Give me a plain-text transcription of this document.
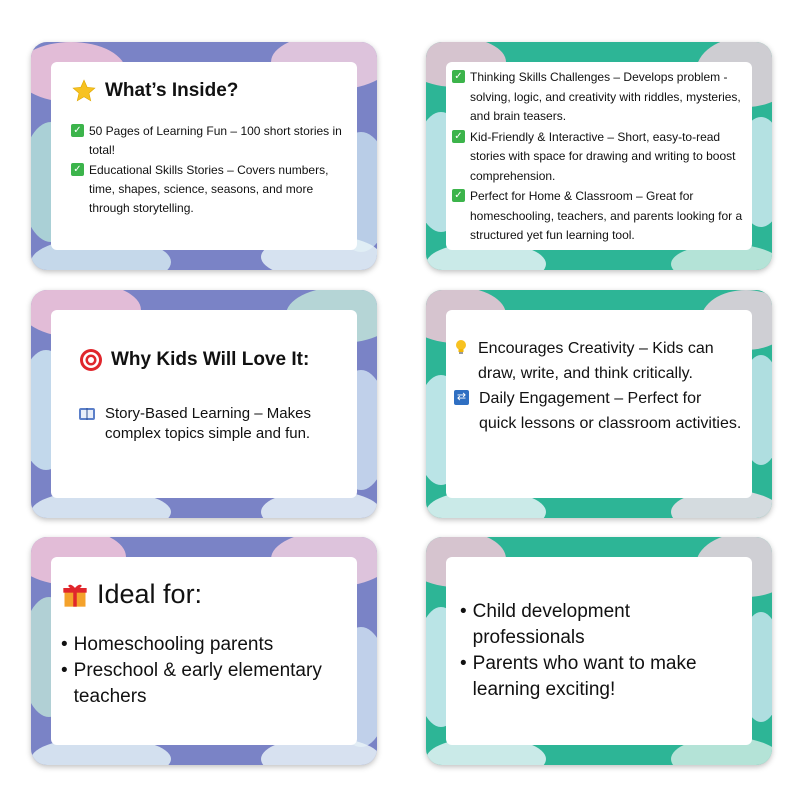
What’s Inside?
✓ 50 Pages of Learning Fun – 100 short stories in total!
✓ Educational Skills Stories – Covers numbers, time, shapes, science, seasons, and more through storytelling.
✓ Thinking Skills Challenges – Develops problem -solving, logic, and creativity with riddles, mysteries, and brain teasers.
✓ Kid-Friendly & Interactive – Short, easy-to-read stories with space for drawing and writing to boost comprehension.
✓ Perfect for Home & Classroom – Great for homeschooling, teachers, and parents looking for a structured yet fun learning tool.
Why Kids Will Love It:
Story-Based Learning – Makes complex topics simple and fun.
Encourages Creativity – Kids can draw, write, and think critically.
⇄ Daily Engagement – Perfect for quick lessons or classroom activities.
Ideal for:
• Homeschooling parents
• Preschool & early elementary teachers
• Child development professionals
• Parents who want to make learning exciting!
